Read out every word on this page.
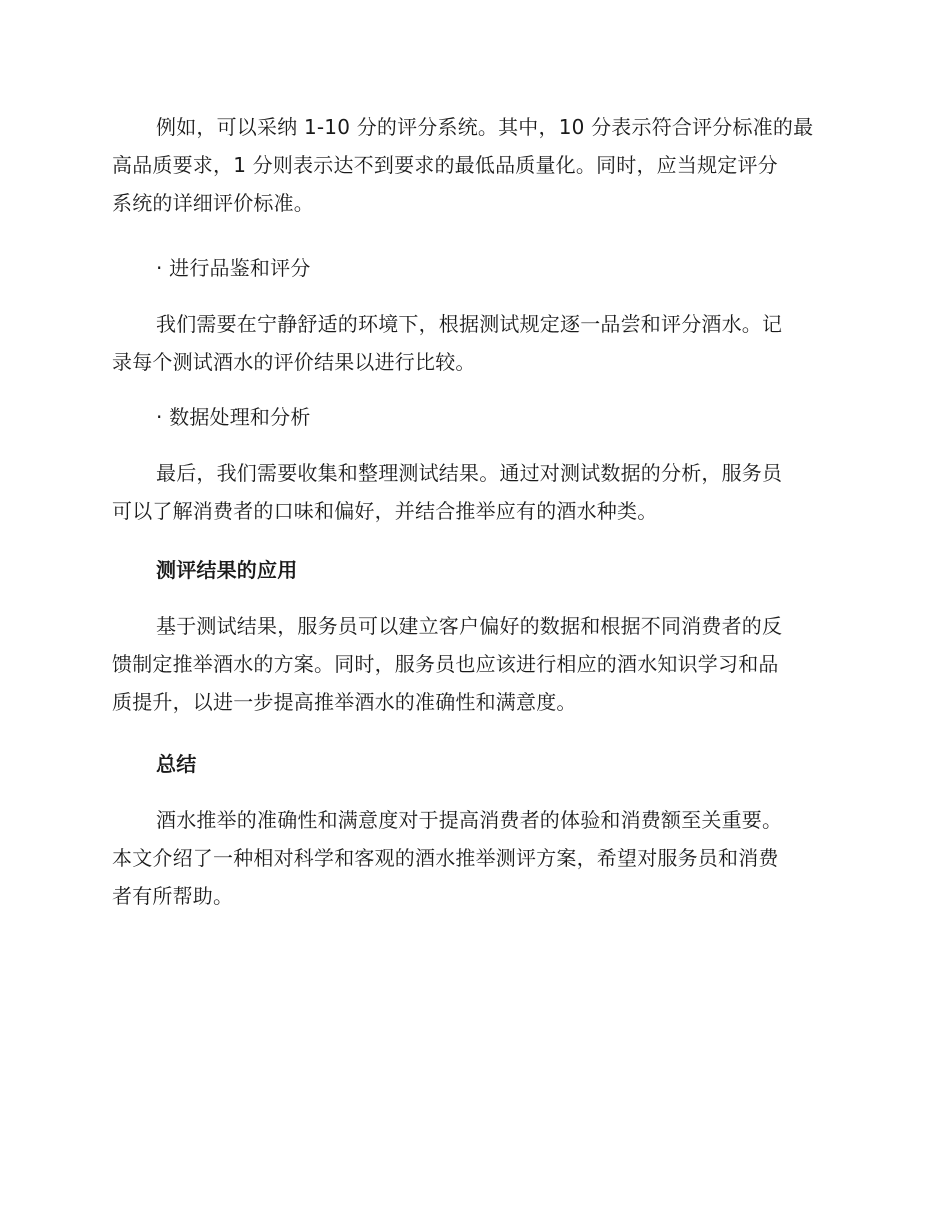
例如，可以采纳 1-10 分的评分系统。其中，10 分表示符合评分标准的最
高品质要求，1 分则表示达不到要求的最低品质量化。同时，应当规定评分
系统的详细评价标准。
· 进行品鉴和评分
我们需要在宁静舒适的环境下，根据测试规定逐一品尝和评分酒水。记
录每个测试酒水的评价结果以进行比较。
· 数据处理和分析
最后，我们需要收集和整理测试结果。通过对测试数据的分析，服务员
可以了解消费者的口味和偏好，并结合推举应有的酒水种类。
测评结果的应用
基于测试结果，服务员可以建立客户偏好的数据和根据不同消费者的反
馈制定推举酒水的方案。同时，服务员也应该进行相应的酒水知识学习和品
质提升，以进一步提高推举酒水的准确性和满意度。
总结
酒水推举的准确性和满意度对于提高消费者的体验和消费额至关重要。
本文介绍了一种相对科学和客观的酒水推举测评方案，希望对服务员和消费
者有所帮助。
